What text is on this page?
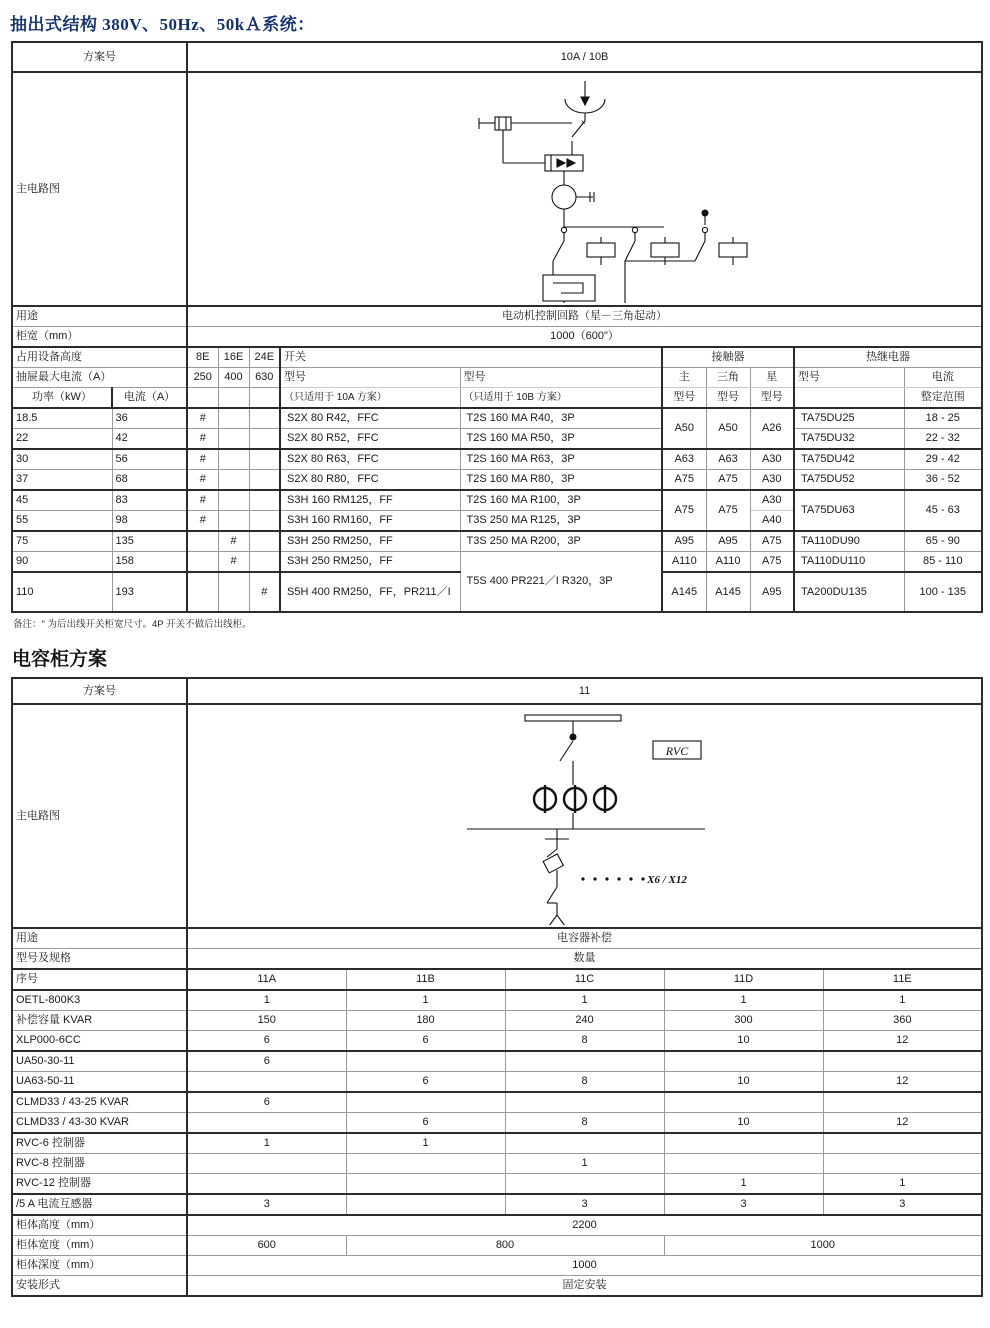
抽出式结构 380V、50Hz、50kＡ系统：
方案号		10A / 10B									
主电路图		×									

用途		电动机控制回路（星－三角起动）									
柜宽（mm）		1000（600"）									
占用设备高度		8E	16E	24E	开关		接触器			热继电器	
抽屉最大电流（A）		250	400	630	型号	型号	主	三角	星	型号	电流
功率（kW）	电流（A）				（只适用于 10A 方案）	（只适用于 10B 方案）	型号	型号	型号		整定范围
18.5	36	#			S2X 80 R42，FFC	T2S 160 MA R40，3P	A50	A50	A26	TA75DU25	18 - 25
22	42	#			S2X 80 R52，FFC	T2S 160 MA R50，3P				TA75DU32	22 - 32
30	56	#			S2X 80 R63，FFC	T2S 160 MA R63，3P	A63	A63	A30	TA75DU42	29 - 42
37	68	#			S2X 80 R80，FFC	T2S 160 MA R80，3P	A75	A75	A30	TA75DU52	36 - 52
45	83	#			S3H 160 RM125，FF	T2S 160 MA R100，3P	A75	A75	A30	TA75DU63	45 - 63
55	98	#			S3H 160 RM160，FF	T3S 250 MA R125，3P			A40		
75	135		#		S3H 250 RM250，FF	T3S 250 MA R200，3P	A95	A95	A75	TA110DU90	65 - 90
90	158		#		S3H 250 RM250，FF	T5S 400 PR221／I R320，3P	A110	A110	A75	TA110DU110	85 - 110
110	193			#	S5H 400 RM250，FF，PR211／I		A145	A145	A95	TA200DU135	100 - 135
备注：" 为后出线开关柜宽尺寸。4P 开关不做后出线柜。
电容柜方案
方案号	11				
主电路图	RVC
X6 / X12				

用途	电容器补偿				
型号及规格	数量				
序号	11A	11B	11C	11D	11E
OETL-800K3	1	1	1	1	1
补偿容量 KVAR	150	180	240	300	360
XLP000-6CC	6	6	8	10	12
UA50-30-11	6				
UA63-50-11		6	8	10	12
CLMD33 / 43-25 KVAR	6				
CLMD33 / 43-30 KVAR		6	8	10	12
RVC-6 控制器	1	1			
RVC-8 控制器			1		
RVC-12 控制器				1	1
/5 A 电流互感器	3		3	3	3
柜体高度（mm）	2200				
柜体宽度（mm）	600	800		1000	
柜体深度（mm）	1000				
安装形式	固定安装				
